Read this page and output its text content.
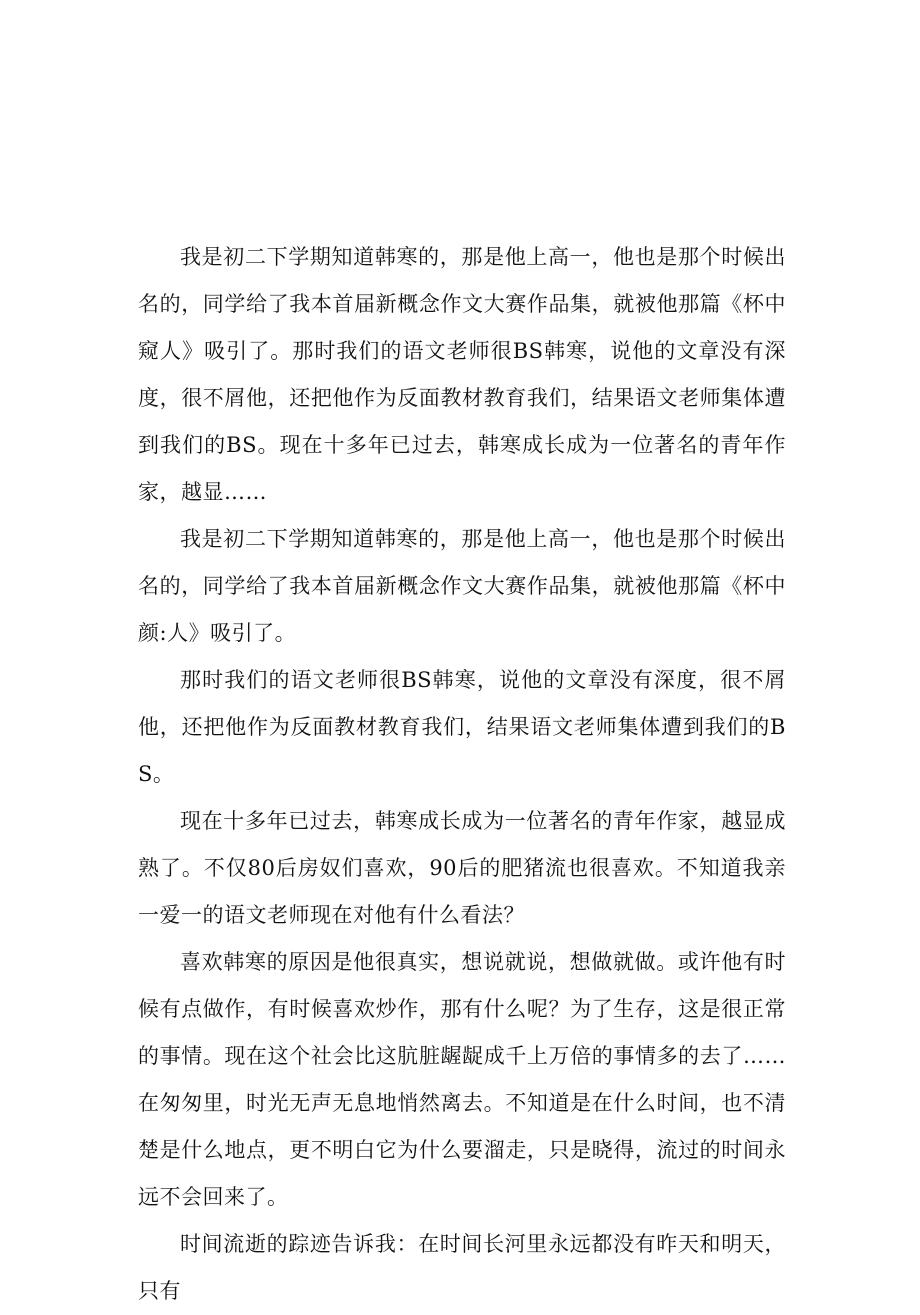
我是初二下学期知道韩寒的，那是他上高一，他也是那个时候出名的，同学给了我本首届新概念作文大赛作品集，就被他那篇《杯中窥人》吸引了。那时我们的语文老师很BS韩寒，说他的文章没有深度，很不屑他，还把他作为反面教材教育我们，结果语文老师集体遭到我们的BS。现在十多年已过去，韩寒成长成为一位著名的青年作家，越显……

我是初二下学期知道韩寒的，那是他上高一，他也是那个时候出名的，同学给了我本首届新概念作文大赛作品集，就被他那篇《杯中颜:人》吸引了。

那时我们的语文老师很BS韩寒，说他的文章没有深度，很不屑他，还把他作为反面教材教育我们，结果语文老师集体遭到我们的BS。

现在十多年已过去，韩寒成长成为一位著名的青年作家，越显成熟了。不仅80后房奴们喜欢，90后的肥猪流也很喜欢。不知道我亲一爱一的语文老师现在对他有什么看法？

喜欢韩寒的原因是他很真实，想说就说，想做就做。或许他有时候有点做作，有时候喜欢炒作，那有什么呢？为了生存，这是很正常的事情。现在这个社会比这肮脏龌龊成千上万倍的事情多的去了……在匆匆里，时光无声无息地悄然离去。不知道是在什么时间，也不清楚是什么地点，更不明白它为什么要溜走，只是晓得，流过的时间永远不会回来了。

时间流逝的踪迹告诉我：在时间长河里永远都没有昨天和明天，只有
